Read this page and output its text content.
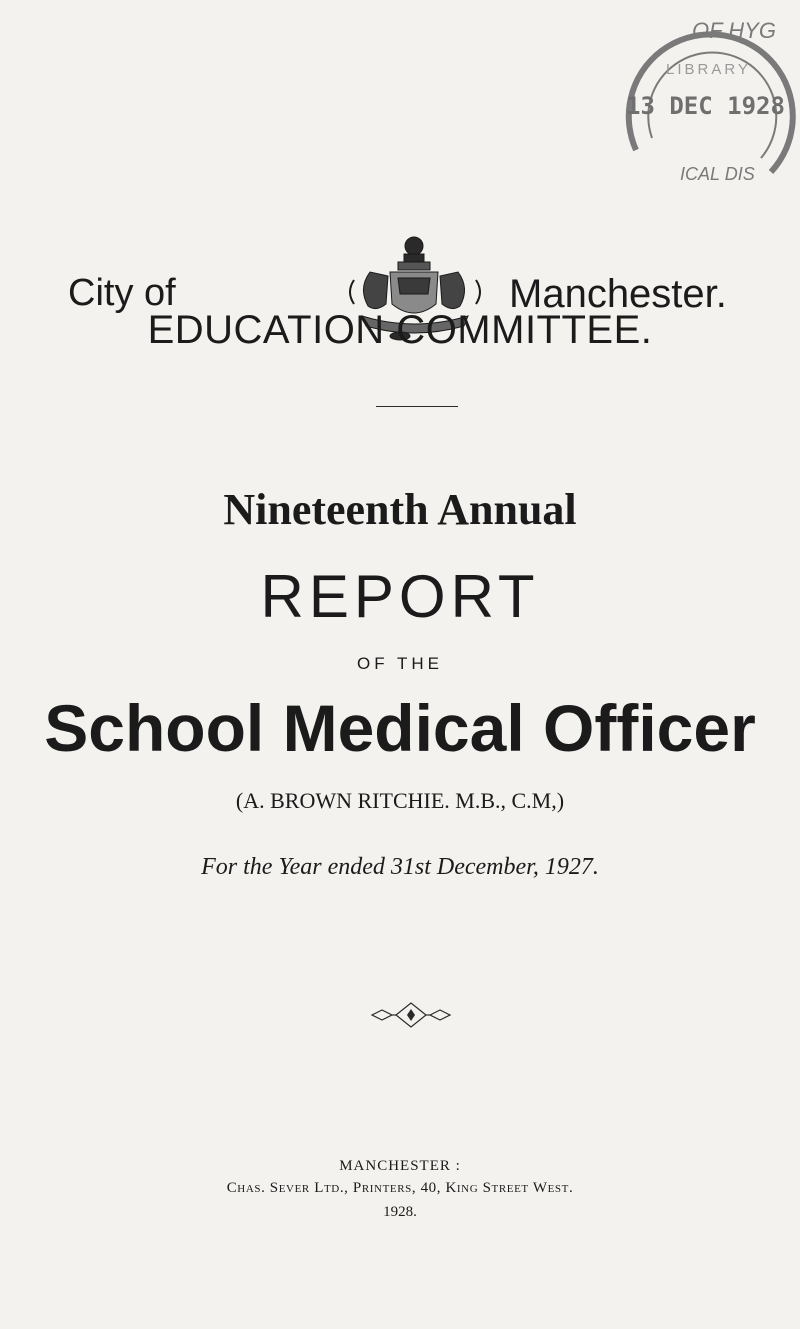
OF HYG
LIBRARY
13 DEC 1928
ICAL DIS
City of	Manchester.
EDUCATION COMMITTEE.
Nineteenth Annual
REPORT
OF THE
School Medical Officer
(A. BROWN RITCHIE. M.B., C.M,)
For the Year ended 31st December, 1927.
MANCHESTER :
Chas. Sever Ltd., Printers, 40, King Street West.
1928.
